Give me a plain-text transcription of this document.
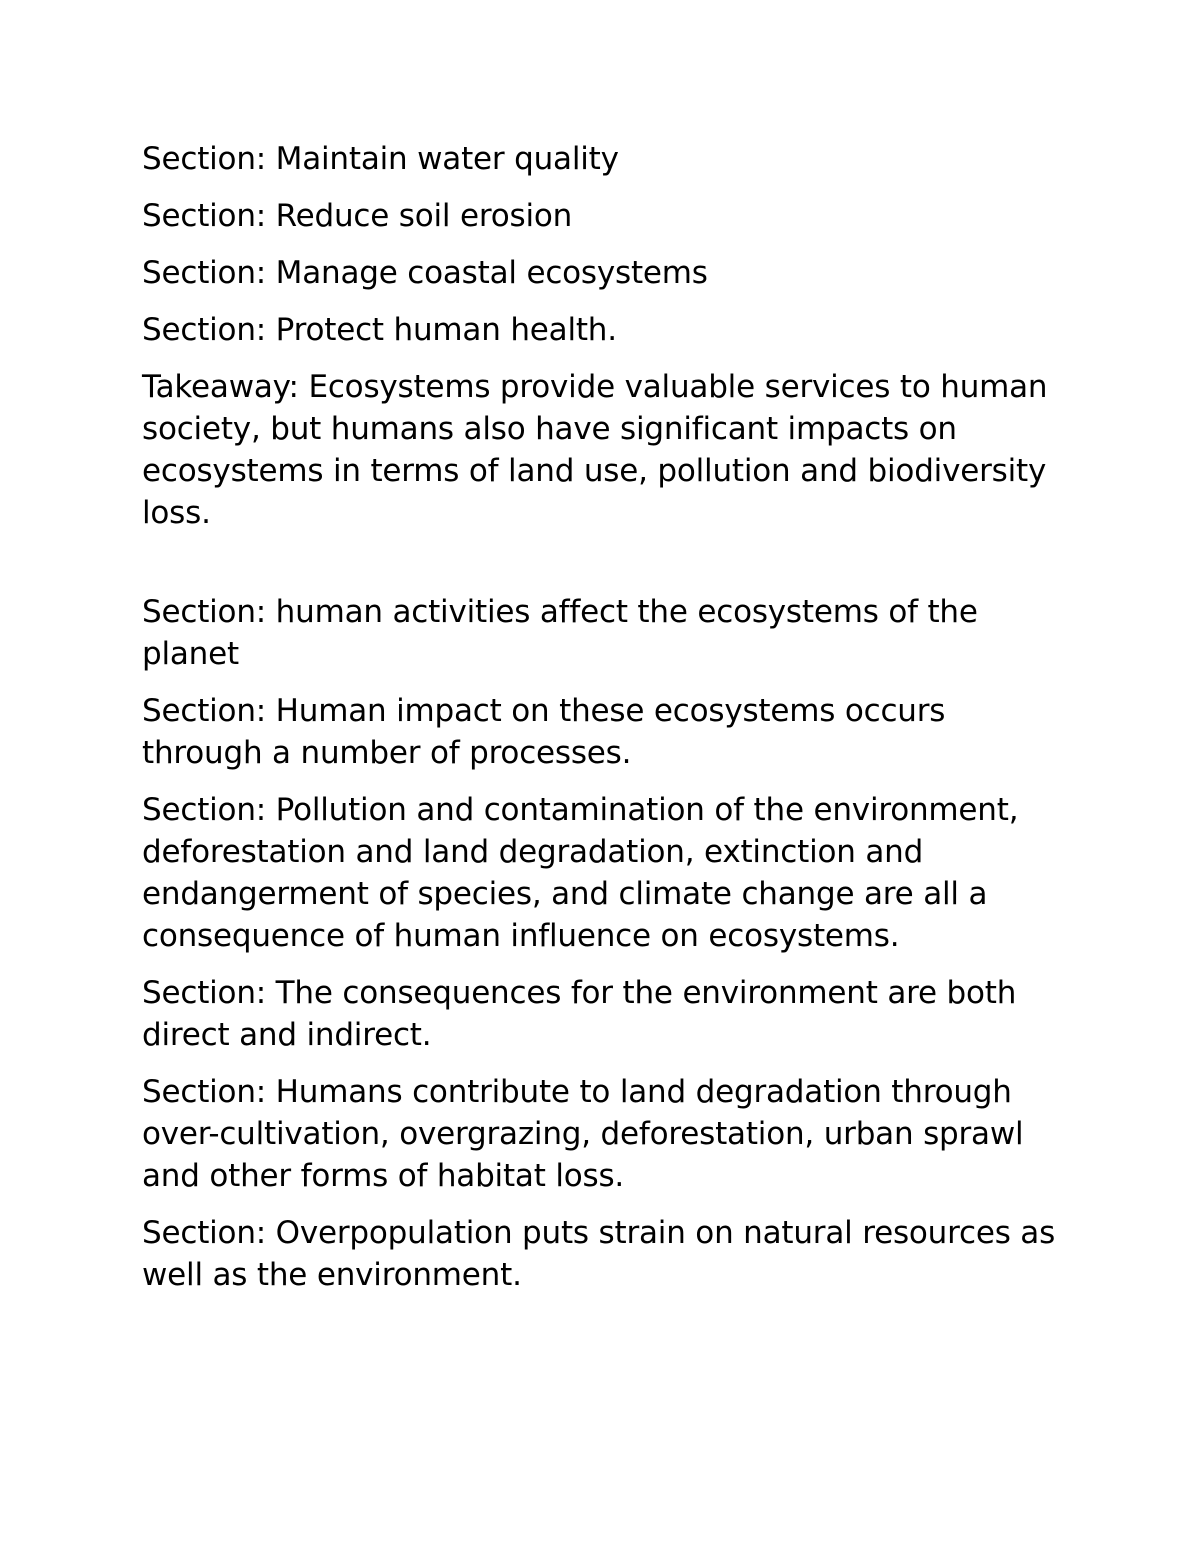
Section: Maintain water quality

Section: Reduce soil erosion

Section: Manage coastal ecosystems

Section: Protect human health.

Takeaway: Ecosystems provide valuable services to human society, but humans also have significant impacts on ecosystems in terms of land use, pollution and biodiversity loss.

Section: human activities affect the ecosystems of the planet

Section: Human impact on these ecosystems occurs through a number of processes.

Section: Pollution and contamination of the environment, deforestation and land degradation, extinction and endangerment of species, and climate change are all a consequence of human influence on ecosystems.

Section: The consequences for the environment are both direct and indirect.

Section: Humans contribute to land degradation through over-cultivation, overgrazing, deforestation, urban sprawl and other forms of habitat loss.

Section: Overpopulation puts strain on natural resources as well as the environment.
